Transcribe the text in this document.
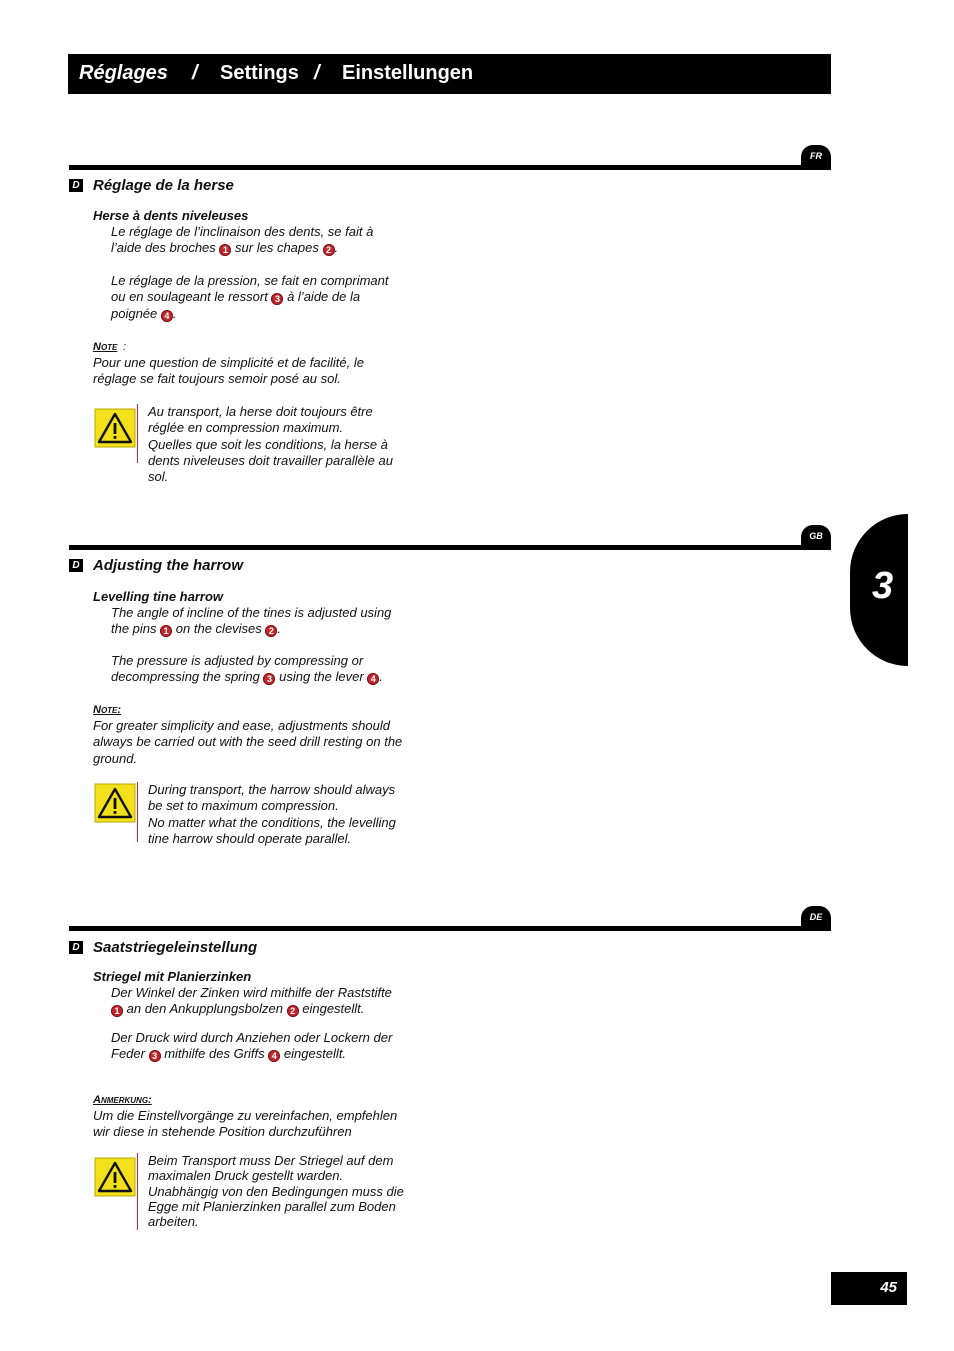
Réglages / Settings / Einstellungen
FR
D Réglage de la herse
Herse à dents niveleuses
Le réglage de l’inclinaison des dents, se fait à
l’aide des broches 1 sur les chapes 2 .
Le réglage de la pression, se fait en comprimant
ou en soulageant le ressort 3 à l’aide de la
poignée 4 .
Note :
Pour une question de simplicité et de facilité, le
réglage se fait toujours semoir posé au sol.
Au transport, la herse doit toujours être
réglée en compression maximum.
Quelles que soit les conditions, la herse à
dents niveleuses doit travailler parallèle au
sol.
GB
D Adjusting the harrow
Levelling tine harrow
The angle of incline of the tines is adjusted using
the pins 1 on the clevises 2 .
The pressure is adjusted by compressing or
decompressing the spring 3 using the lever 4 .
Note:
For greater simplicity and ease, adjustments should
always be carried out with the seed drill resting on the
ground.
During transport, the harrow should always
be set to maximum compression.
No matter what the conditions, the levelling
tine harrow should operate parallel.
DE
D Saatstriegeleinstellung
Striegel mit Planierzinken
Der Winkel der Zinken wird mithilfe der Raststifte
1 an den Ankupplungsbolzen 2 eingestellt.
Der Druck wird durch Anziehen oder Lockern der
Feder 3 mithilfe des Griffs 4 eingestellt.
Anmerkung:
Um die Einstellvorgänge zu vereinfachen, empfehlen
wir diese in stehende Position durchzuführen
Beim Transport muss Der Striegel auf dem
maximalen Druck gestellt warden.
Unabhängig von den Bedingungen muss die
Egge mit Planierzinken parallel zum Boden
arbeiten.
3
45
